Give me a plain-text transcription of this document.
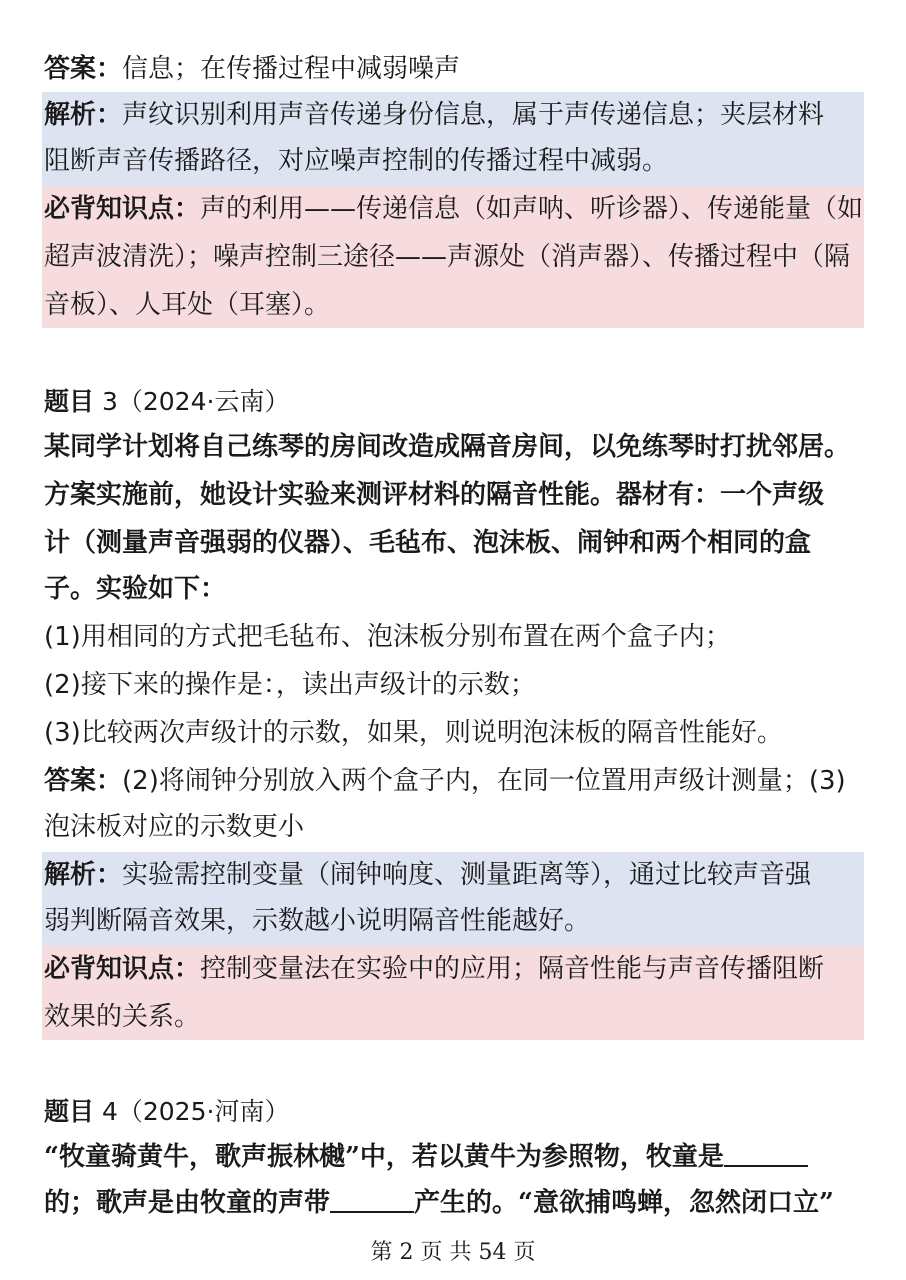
答案：信息；在传播过程中减弱噪声
解析：声纹识别利用声音传递身份信息，属于声传递信息；夹层材料
阻断声音传播路径，对应噪声控制的传播过程中减弱。
必背知识点：声的利用——传递信息（如声呐、听诊器）、传递能量（如
超声波清洗）；噪声控制三途径——声源处（消声器）、传播过程中（隔
音板）、人耳处（耳塞）。
题目 3（2024·云南）
某同学计划将自己练琴的房间改造成隔音房间，以免练琴时打扰邻居。
方案实施前，她设计实验来测评材料的隔音性能。器材有：一个声级
计（测量声音强弱的仪器）、毛毡布、泡沫板、闹钟和两个相同的盒
子。实验如下：
(1)用相同的方式把毛毡布、泡沫板分别布置在两个盒子内；
(2)接下来的操作是：，读出声级计的示数；
(3)比较两次声级计的示数，如果，则说明泡沫板的隔音性能好。
答案：(2)将闹钟分别放入两个盒子内，在同一位置用声级计测量；(3)
泡沫板对应的示数更小
解析：实验需控制变量（闹钟响度、测量距离等），通过比较声音强
弱判断隔音效果，示数越小说明隔音性能越好。
必背知识点：控制变量法在实验中的应用；隔音性能与声音传播阻断
效果的关系。
题目 4（2025·河南）
“牧童骑黄牛，歌声振林樾”中，若以黄牛为参照物，牧童是
的；歌声是由牧童的声带	产生的。“意欲捕鸣蝉，忽然闭口立”
第 2 页 共 54 页
